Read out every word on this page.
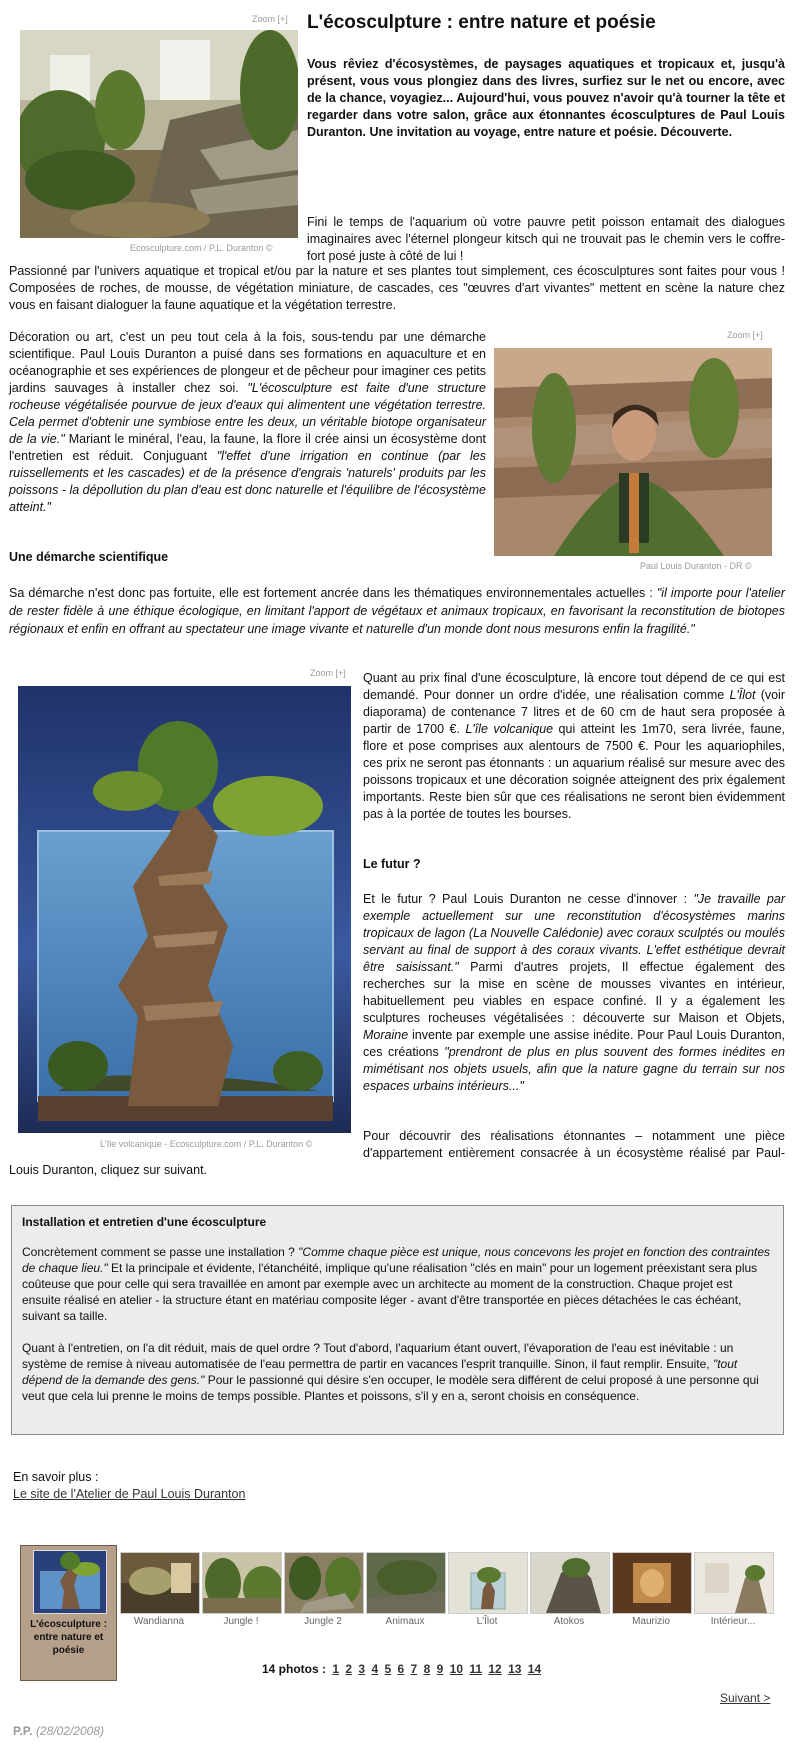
L'écosculpture : entre nature et poésie
Zoom [+]
Ecosculpture.com / P.L. Duranton ©

Vous rêviez d'écosystèmes, de paysages aquatiques et tropicaux et, jusqu'à présent, vous vous plongiez dans des livres, surfiez sur le net ou encore, avec de la chance, voyagiez... Aujourd'hui, vous pouvez n'avoir qu'à tourner la tête et regarder dans votre salon, grâce aux étonnantes écosculptures de Paul Louis Duranton. Une invitation au voyage, entre nature et poésie. Découverte.

Fini le temps de l'aquarium où votre pauvre petit poisson entamait des dialogues imaginaires avec l'éternel plongeur kitsch qui ne trouvait pas le chemin vers le coffre-fort posé juste à côté de lui !

Passionné par l'univers aquatique et tropical et/ou par la nature et ses plantes tout simplement, ces écosculptures sont faites pour vous ! Composées de roches, de mousse, de végétation miniature, de cascades, ces "œuvres d'art vivantes" mettent en scène la nature chez vous en faisant dialoguer la faune aquatique et la végétation terrestre.

Décoration ou art, c'est un peu tout cela à la fois, sous-tendu par une démarche scientifique. Paul Louis Duranton a puisé dans ses formations en aquaculture et en océanographie et ses expériences de plongeur et de pêcheur pour imaginer ces petits jardins sauvages à installer chez soi. "L'écosculpture est faite d'une structure rocheuse végétalisée pourvue de jeux d'eaux qui alimentent une végétation terrestre. Cela permet d'obtenir une symbiose entre les deux, un véritable biotope organisateur de la vie." Mariant le minéral, l'eau, la faune, la flore il crée ainsi un écosystème dont l'entretien est réduit. Conjuguant "l'effet d'une irrigation en continue (par les ruissellements et les cascades) et de la présence d'engrais 'naturels' produits par les poissons - la dépollution du plan d'eau est donc naturelle et l'équilibre de l'écosystème atteint."

Zoom [+]
Paul Louis Duranton - DR ©
Une démarche scientifique

Sa démarche n'est donc pas fortuite, elle est fortement ancrée dans les thématiques environnementales actuelles : "il importe pour l'atelier de rester fidèle à une éthique écologique, en limitant l'apport de végétaux et animaux tropicaux, en favorisant la reconstitution de biotopes régionaux et enfin en offrant au spectateur une image vivante et naturelle d'un monde dont nous mesurons enfin la fragilité."

Zoom [+]
L'île volcanique - Ecosculpture.com / P.L. Duranton ©

Quant au prix final d'une écosculpture, là encore tout dépend de ce qui est demandé. Pour donner un ordre d'idée, une réalisation comme L'Îlot (voir diaporama) de contenance 7 litres et de 60 cm de haut sera proposée à partir de 1700 €. L'île volcanique qui atteint les 1m70, sera livrée, faune, flore et pose comprises aux alentours de 7500 €. Pour les aquariophiles, ces prix ne seront pas étonnants : un aquarium réalisé sur mesure avec des poissons tropicaux et une décoration soignée atteignent des prix également importants. Reste bien sûr que ces réalisations ne seront bien évidemment pas à la portée de toutes les bourses.

Le futur ?

Et le futur ? Paul Louis Duranton ne cesse d'innover : "Je travaille par exemple actuellement sur une reconstitution d'écosystèmes marins tropicaux de lagon (La Nouvelle Calédonie) avec coraux sculptés ou moulés servant au final de support à des coraux vivants. L'effet esthétique devrait être saisissant." Parmi d'autres projets, Il effectue également des recherches sur la mise en scène de mousses vivantes en intérieur, habituellement peu viables en espace confiné. Il y a également les sculptures rocheuses végétalisées : découverte sur Maison et Objets, Moraine invente par exemple une assise inédite. Pour Paul Louis Duranton, ces créations "prendront de plus en plus souvent des formes inédites en mimétisant nos objets usuels, afin que la nature gagne du terrain sur nos espaces urbains intérieurs..."

Pour découvrir des réalisations étonnantes – notamment une pièce d'appartement entièrement consacrée à un écosystème réalisé par Paul-Louis Duranton, cliquez sur suivant.

Installation et entretien d'une écosculpture

Concrètement comment se passe une installation ? "Comme chaque pièce est unique, nous concevons les projet en fonction des contraintes de chaque lieu." Et la principale et évidente, l'étanchéité, implique qu'une réalisation "clés en main" pour un logement préexistant sera plus coûteuse que pour celle qui sera travaillée en amont par exemple avec un architecte au moment de la construction. Chaque projet est ensuite réalisé en atelier - la structure étant en matériau composite léger - avant d'être transportée en pièces détachées le cas échéant, suivant sa taille.

Quant à l'entretien, on l'a dit réduit, mais de quel ordre ? Tout d'abord, l'aquarium étant ouvert, l'évaporation de l'eau est inévitable : un système de remise à niveau automatisée de l'eau permettra de partir en vacances l'esprit tranquille. Sinon, il faut remplir. Ensuite, "tout dépend de la demande des gens." Pour le passionné qui désire s'en occuper, le modèle sera différent de celui proposé à une personne qui veut que cela lui prenne le moins de temps possible. Plantes et poissons, s'il y en a, seront choisis en conséquence.

En savoir plus :
Le site de l'Atelier de Paul Louis Duranton
L'écosculpture : entre nature et poésie
Wandianna	Jungle !	Jungle 2	Animaux	L'Îlot	Atokos	Maurizio	Intérieur...
14 photos : 1 2 3 4 5 6 7 8 9 10 11 12 13 14
Suivant >
P.P. (28/02/2008)
